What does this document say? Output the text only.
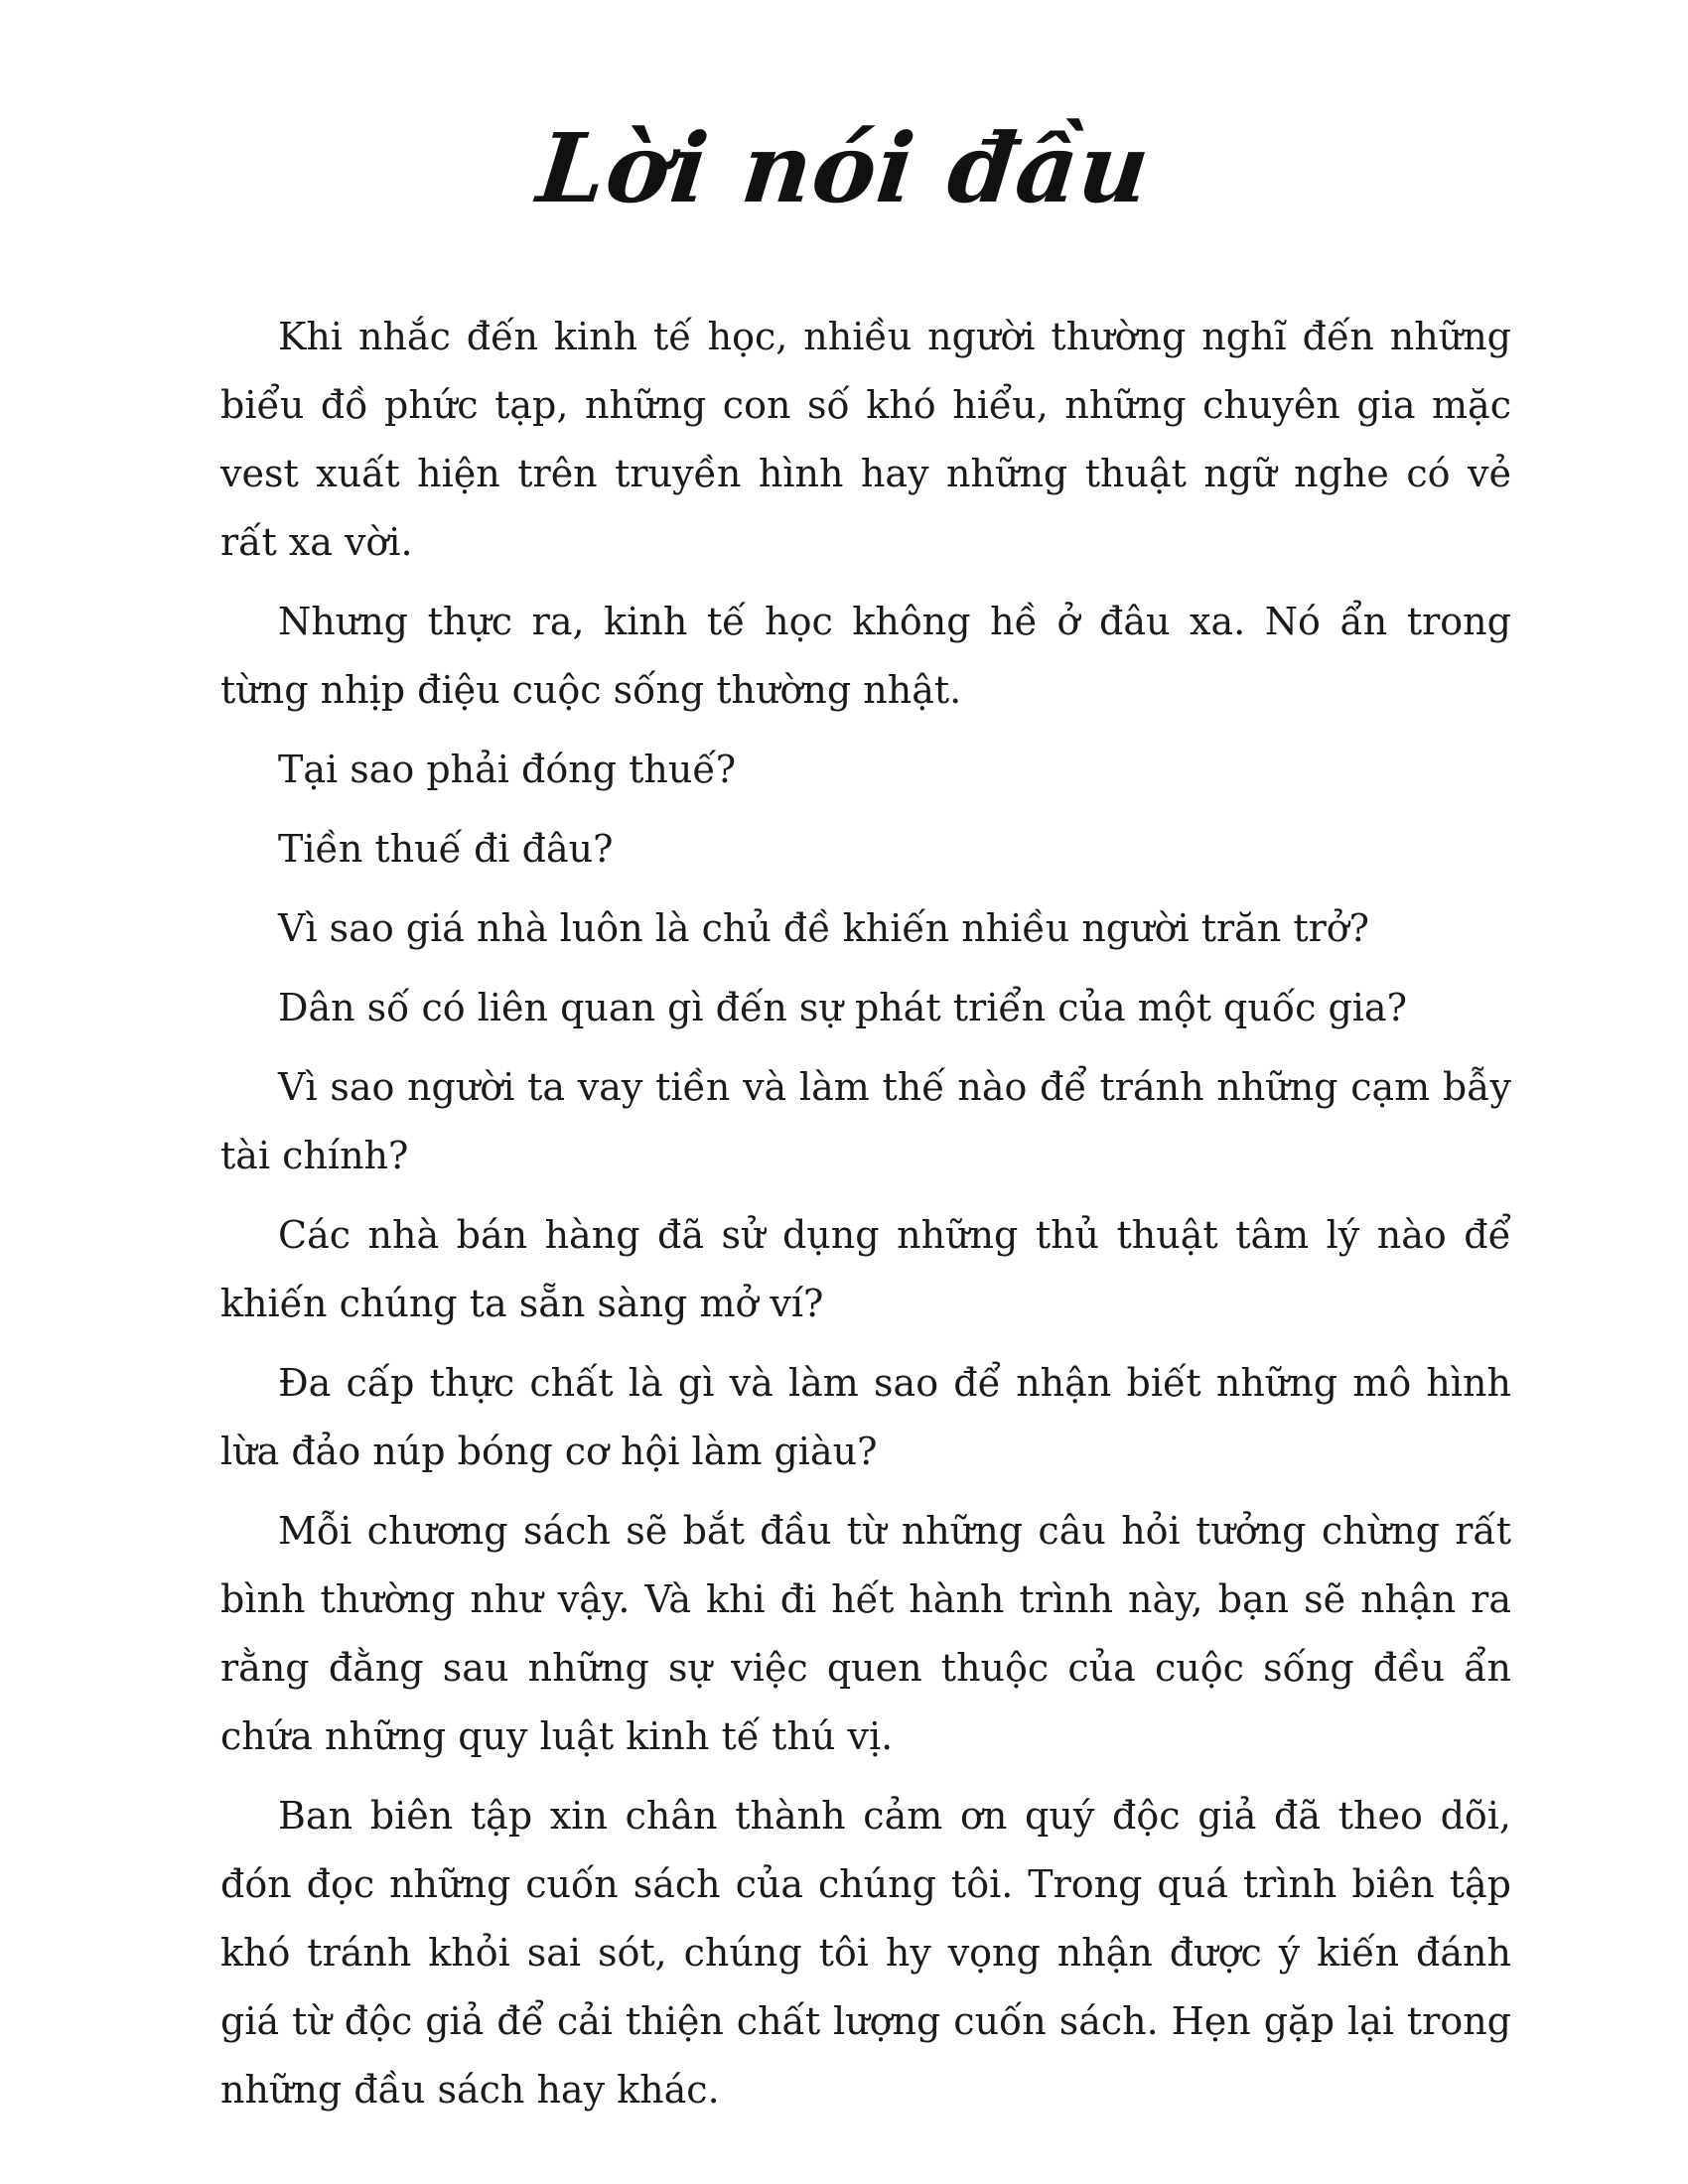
Lời nói đầu

Khi nhắc đến kinh tế học, nhiều người thường nghĩ đến những biểu đồ phức tạp, những con số khó hiểu, những chuyên gia mặc vest xuất hiện trên truyền hình hay những thuật ngữ nghe có vẻ rất xa vời.

Nhưng thực ra, kinh tế học không hề ở đâu xa. Nó ẩn trong từng nhịp điệu cuộc sống thường nhật.

Tại sao phải đóng thuế?

Tiền thuế đi đâu?

Vì sao giá nhà luôn là chủ đề khiến nhiều người trăn trở?

Dân số có liên quan gì đến sự phát triển của một quốc gia?

Vì sao người ta vay tiền và làm thế nào để tránh những cạm bẫy tài chính?

Các nhà bán hàng đã sử dụng những thủ thuật tâm lý nào để khiến chúng ta sẵn sàng mở ví?

Đa cấp thực chất là gì và làm sao để nhận biết những mô hình lừa đảo núp bóng cơ hội làm giàu?

Mỗi chương sách sẽ bắt đầu từ những câu hỏi tưởng chừng rất bình thường như vậy. Và khi đi hết hành trình này, bạn sẽ nhận ra rằng đằng sau những sự việc quen thuộc của cuộc sống đều ẩn chứa những quy luật kinh tế thú vị.

Ban biên tập xin chân thành cảm ơn quý độc giả đã theo dõi, đón đọc những cuốn sách của chúng tôi. Trong quá trình biên tập khó tránh khỏi sai sót, chúng tôi hy vọng nhận được ý kiến đánh giá từ độc giả để cải thiện chất lượng cuốn sách. Hẹn gặp lại trong những đầu sách hay khác.
